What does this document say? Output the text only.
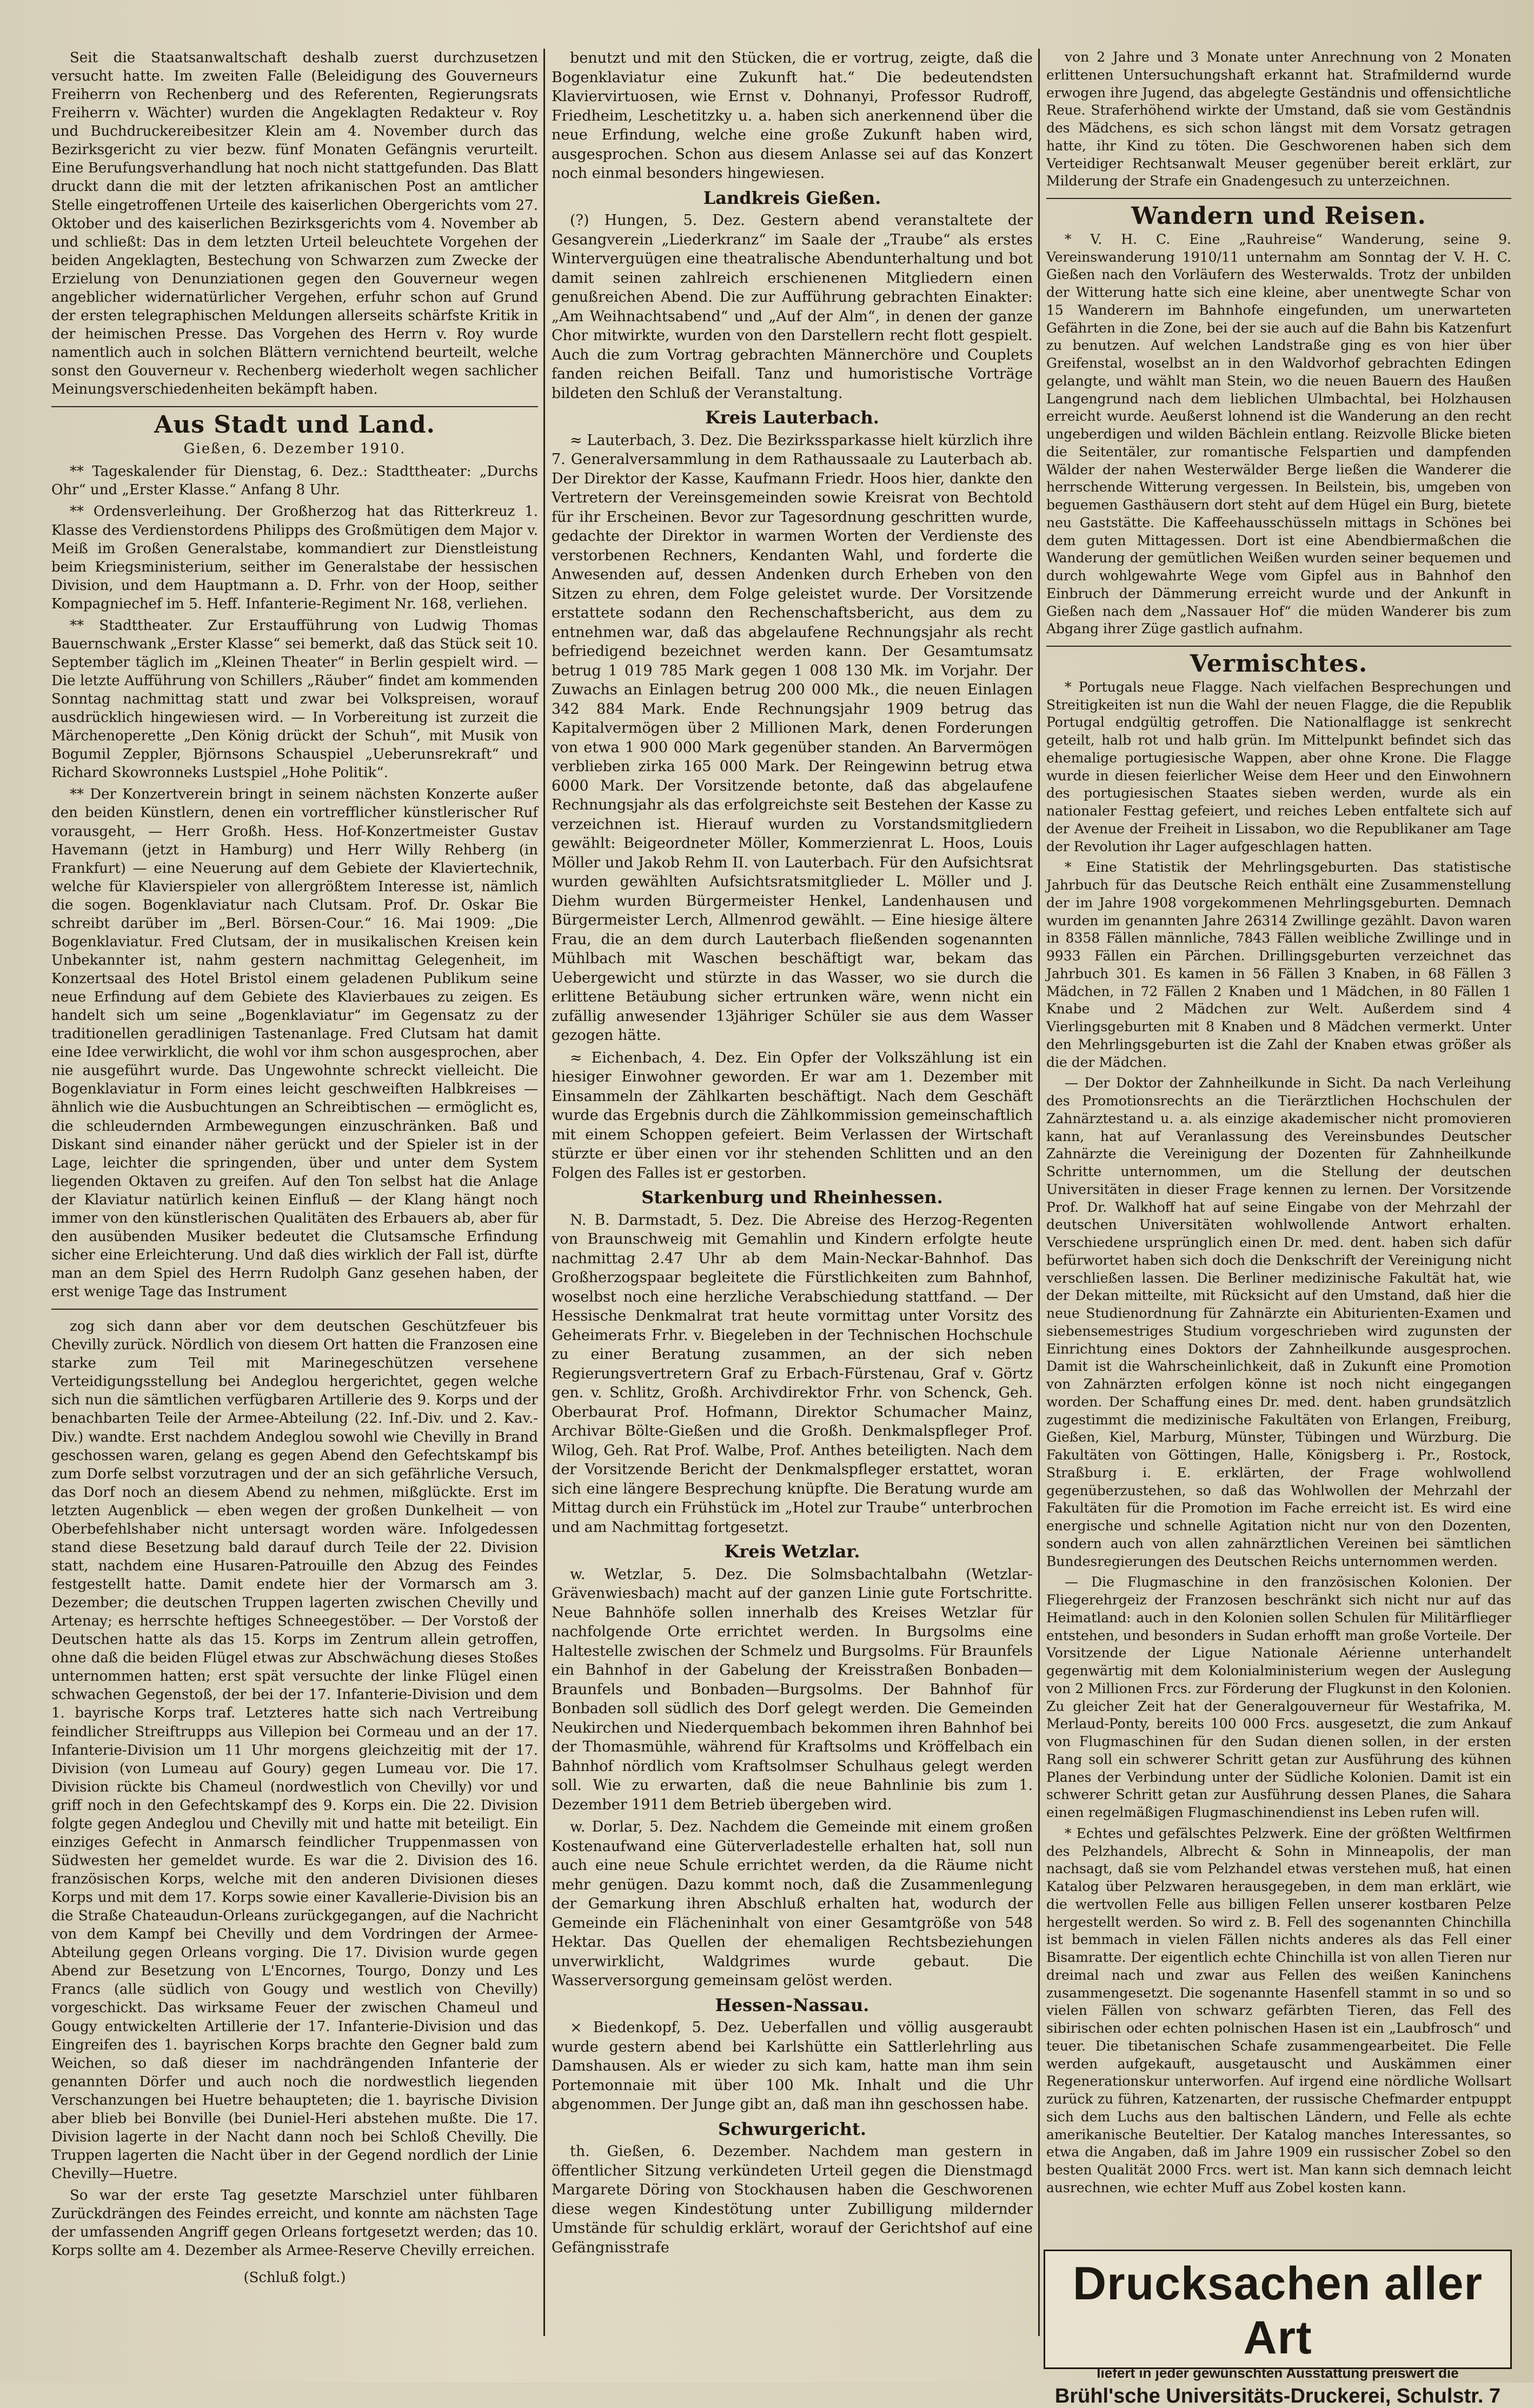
Seit die Staatsanwaltschaft deshalb zuerst durchzusetzen versucht hatte. Im zweiten Falle (Beleidigung des Gouverneurs Freiherrn von Rechenberg und des Referenten, Regierungsrats Freiherrn v. Wächter) wurden die Angeklagten Redakteur v. Roy und Buchdruckereibesitzer Klein am 4. November durch das Bezirksgericht zu vier bezw. fünf Monaten Gefängnis verurteilt. Eine Berufungsverhandlung hat noch nicht stattgefunden. Das Blatt druckt dann die mit der letzten afrikanischen Post an amtlicher Stelle eingetroffenen Urteile des kaiserlichen Obergerichts vom 27. Oktober und des kaiserlichen Bezirksgerichts vom 4. November ab und schließt: Das in dem letzten Urteil beleuchtete Vorgehen der beiden Angeklagten, Bestechung von Schwarzen zum Zwecke der Erzielung von Denunziationen gegen den Gouverneur wegen angeblicher widernatürlicher Vergehen, erfuhr schon auf Grund der ersten telegraphischen Meldungen allerseits schärfste Kritik in der heimischen Presse. Das Vorgehen des Herrn v. Roy wurde namentlich auch in solchen Blättern vernichtend beurteilt, welche sonst den Gouverneur v. Rechenberg wiederholt wegen sachlicher Meinungsverschiedenheiten bekämpft haben.

Aus Stadt und Land.
Gießen, 6. Dezember 1910.

** Tageskalender für Dienstag, 6. Dez.: Stadttheater: „Durchs Ohr“ und „Erster Klasse.“ Anfang 8 Uhr.

** Ordensverleihung. Der Großherzog hat das Ritterkreuz 1. Klasse des Verdienstordens Philipps des Großmütigen dem Major v. Meiß im Großen Generalstabe, kommandiert zur Dienstleistung beim Kriegsministerium, seither im Generalstabe der hessischen Division, und dem Hauptmann a. D. Frhr. von der Hoop, seither Kompagniechef im 5. Heff. Infanterie-Regiment Nr. 168, verliehen.

** Stadttheater. Zur Erstaufführung von Ludwig Thomas Bauernschwank „Erster Klasse“ sei bemerkt, daß das Stück seit 10. September täglich im „Kleinen Theater“ in Berlin gespielt wird. — Die letzte Aufführung von Schillers „Räuber“ findet am kommenden Sonntag nachmittag statt und zwar bei Volkspreisen, worauf ausdrücklich hingewiesen wird. — In Vorbereitung ist zurzeit die Märchenoperette „Den König drückt der Schuh“, mit Musik von Bogumil Zeppler, Björnsons Schauspiel „Ueberunsrekraft“ und Richard Skowronneks Lustspiel „Hohe Politik“.

** Der Konzertverein bringt in seinem nächsten Konzerte außer den beiden Künstlern, denen ein vortrefflicher künstlerischer Ruf vorausgeht, — Herr Großh. Hess. Hof-Konzertmeister Gustav Havemann (jetzt in Hamburg) und Herr Willy Rehberg (in Frankfurt) — eine Neuerung auf dem Gebiete der Klaviertechnik, welche für Klavierspieler von allergrößtem Interesse ist, nämlich die sogen. Bogenklaviatur nach Clutsam. Prof. Dr. Oskar Bie schreibt darüber im „Berl. Börsen-Cour.“ 16. Mai 1909: „Die Bogenklaviatur. Fred Clutsam, der in musikalischen Kreisen kein Unbekannter ist, nahm gestern nachmittag Gelegenheit, im Konzertsaal des Hotel Bristol einem geladenen Publikum seine neue Erfindung auf dem Gebiete des Klavierbaues zu zeigen. Es handelt sich um seine „Bogenklaviatur“ im Gegensatz zu der traditionellen geradlinigen Tastenanlage. Fred Clutsam hat damit eine Idee verwirklicht, die wohl vor ihm schon ausgesprochen, aber nie ausgeführt wurde. Das Ungewohnte schreckt vielleicht. Die Bogenklaviatur in Form eines leicht geschweiften Halbkreises — ähnlich wie die Ausbuchtungen an Schreibtischen — ermöglicht es, die schleudernden Armbewegungen einzuschränken. Baß und Diskant sind einander näher gerückt und der Spieler ist in der Lage, leichter die springenden, über und unter dem System liegenden Oktaven zu greifen. Auf den Ton selbst hat die Anlage der Klaviatur natürlich keinen Einfluß — der Klang hängt noch immer von den künstlerischen Qualitäten des Erbauers ab, aber für den ausübenden Musiker bedeutet die Clutsamsche Erfindung sicher eine Erleichterung. Und daß dies wirklich der Fall ist, dürfte man an dem Spiel des Herrn Rudolph Ganz gesehen haben, der erst wenige Tage das Instrument

zog sich dann aber vor dem deutschen Geschützfeuer bis Chevilly zurück. Nördlich von diesem Ort hatten die Franzosen eine starke zum Teil mit Marinegeschützen versehene Verteidigungsstellung bei Andeglou hergerichtet, gegen welche sich nun die sämtlichen verfügbaren Artillerie des 9. Korps und der benachbarten Teile der Armee-Abteilung (22. Inf.-Div. und 2. Kav.-Div.) wandte. Erst nachdem Andeglou sowohl wie Chevilly in Brand geschossen waren, gelang es gegen Abend den Gefechtskampf bis zum Dorfe selbst vorzutragen und der an sich gefährliche Versuch, das Dorf noch an diesem Abend zu nehmen, mißglückte. Erst im letzten Augenblick — eben wegen der großen Dunkelheit — von Oberbefehlshaber nicht untersagt worden wäre. Infolgedessen stand diese Besetzung bald darauf durch Teile der 22. Division statt, nachdem eine Husaren-Patrouille den Abzug des Feindes festgestellt hatte. Damit endete hier der Vormarsch am 3. Dezember; die deutschen Truppen lagerten zwischen Chevilly und Artenay; es herrschte heftiges Schneegestöber. — Der Vorstoß der Deutschen hatte als das 15. Korps im Zentrum allein getroffen, ohne daß die beiden Flügel etwas zur Abschwächung dieses Stoßes unternommen hatten; erst spät versuchte der linke Flügel einen schwachen Gegenstoß, der bei der 17. Infanterie-Division und dem 1. bayrische Korps traf. Letzteres hatte sich nach Vertreibung feindlicher Streiftrupps aus Villepion bei Cormeau und an der 17. Infanterie-Division um 11 Uhr morgens gleichzeitig mit der 17. Division (von Lumeau auf Goury) gegen Lumeau vor. Die 17. Division rückte bis Chameul (nordwestlich von Chevilly) vor und griff noch in den Gefechtskampf des 9. Korps ein. Die 22. Division folgte gegen Andeglou und Chevilly mit und hatte mit beteiligt. Ein einziges Gefecht in Anmarsch feindlicher Truppenmassen von Südwesten her gemeldet wurde. Es war die 2. Division des 16. französischen Korps, welche mit den anderen Divisionen dieses Korps und mit dem 17. Korps sowie einer Kavallerie-Division bis an die Straße Chateaudun-Orleans zurückgegangen, auf die Nachricht von dem Kampf bei Chevilly und dem Vordringen der Armee-Abteilung gegen Orleans vorging. Die 17. Division wurde gegen Abend zur Besetzung von L'Encornes, Tourgo, Donzy und Les Francs (alle südlich von Gougy und westlich von Chevilly) vorgeschickt. Das wirksame Feuer der zwischen Chameul und Gougy entwickelten Artillerie der 17. Infanterie-Division und das Eingreifen des 1. bayrischen Korps brachte den Gegner bald zum Weichen, so daß dieser im nachdrängenden Infanterie der genannten Dörfer und auch noch die nordwestlich liegenden Verschanzungen bei Huetre behaupteten; die 1. bayrische Division aber blieb bei Bonville (bei Duniel-Heri abstehen mußte. Die 17. Division lagerte in der Nacht dann noch bei Schloß Chevilly. Die Truppen lagerten die Nacht über in der Gegend nordlich der Linie Chevilly—Huetre.

So war der erste Tag gesetzte Marschziel unter fühlbaren Zurückdrängen des Feindes erreicht, und konnte am nächsten Tage der umfassenden Angriff gegen Orleans fortgesetzt werden; das 10. Korps sollte am 4. Dezember als Armee-Reserve Chevilly erreichen.

(Schluß folgt.)

benutzt und mit den Stücken, die er vortrug, zeigte, daß die Bogenklaviatur eine Zukunft hat.“ Die bedeutendsten Klaviervirtuosen, wie Ernst v. Dohnanyi, Professor Rudroff, Friedheim, Leschetitzky u. a. haben sich anerkennend über die neue Erfindung, welche eine große Zukunft haben wird, ausgesprochen. Schon aus diesem Anlasse sei auf das Konzert noch einmal besonders hingewiesen.

Landkreis Gießen.

(?) Hungen, 5. Dez. Gestern abend veranstaltete der Gesangverein „Liederkranz“ im Saale der „Traube“ als erstes Winterverguügen eine theatralische Abendunterhaltung und bot damit seinen zahlreich erschienenen Mitgliedern einen genußreichen Abend. Die zur Aufführung gebrachten Einakter: „Am Weihnachtsabend“ und „Auf der Alm“, in denen der ganze Chor mitwirkte, wurden von den Darstellern recht flott gespielt. Auch die zum Vortrag gebrachten Männerchöre und Couplets fanden reichen Beifall. Tanz und humoristische Vorträge bildeten den Schluß der Veranstaltung.

Kreis Lauterbach.

≈ Lauterbach, 3. Dez. Die Bezirkssparkasse hielt kürzlich ihre 7. Generalversammlung in dem Rathaussaale zu Lauterbach ab. Der Direktor der Kasse, Kaufmann Friedr. Hoos hier, dankte den Vertretern der Vereinsgemeinden sowie Kreisrat von Bechtold für ihr Erscheinen. Bevor zur Tagesordnung geschritten wurde, gedachte der Direktor in warmen Worten der Verdienste des verstorbenen Rechners, Kendanten Wahl, und forderte die Anwesenden auf, dessen Andenken durch Erheben von den Sitzen zu ehren, dem Folge geleistet wurde. Der Vorsitzende erstattete sodann den Rechenschaftsbericht, aus dem zu entnehmen war, daß das abgelaufene Rechnungsjahr als recht befriedigend bezeichnet werden kann. Der Gesamtumsatz betrug 1 019 785 Mark gegen 1 008 130 Mk. im Vorjahr. Der Zuwachs an Einlagen betrug 200 000 Mk., die neuen Einlagen 342 884 Mark. Ende Rechnungsjahr 1909 betrug das Kapitalvermögen über 2 Millionen Mark, denen Forderungen von etwa 1 900 000 Mark gegenüber standen. An Barvermögen verblieben zirka 165 000 Mark. Der Reingewinn betrug etwa 6000 Mark. Der Vorsitzende betonte, daß das abgelaufene Rechnungsjahr als das erfolgreichste seit Bestehen der Kasse zu verzeichnen ist. Hierauf wurden zu Vorstandsmitgliedern gewählt: Beigeordneter Möller, Kommerzienrat L. Hoos, Louis Möller und Jakob Rehm II. von Lauterbach. Für den Aufsichtsrat wurden gewählten Aufsichtsratsmitglieder L. Möller und J. Diehm wurden Bürgermeister Henkel, Landenhausen und Bürgermeister Lerch, Allmenrod gewählt. — Eine hiesige ältere Frau, die an dem durch Lauterbach fließenden sogenannten Mühlbach mit Waschen beschäftigt war, bekam das Uebergewicht und stürzte in das Wasser, wo sie durch die erlittene Betäubung sicher ertrunken wäre, wenn nicht ein zufällig anwesender 13jähriger Schüler sie aus dem Wasser gezogen hätte.

≈ Eichenbach, 4. Dez. Ein Opfer der Volkszählung ist ein hiesiger Einwohner geworden. Er war am 1. Dezember mit Einsammeln der Zählkarten beschäftigt. Nach dem Geschäft wurde das Ergebnis durch die Zählkommission gemeinschaftlich mit einem Schoppen gefeiert. Beim Verlassen der Wirtschaft stürzte er über einen vor ihr stehenden Schlitten und an den Folgen des Falles ist er gestorben.

Starkenburg und Rheinhessen.

N. B. Darmstadt, 5. Dez. Die Abreise des Herzog-Regenten von Braunschweig mit Gemahlin und Kindern erfolgte heute nachmittag 2.47 Uhr ab dem Main-Neckar-Bahnhof. Das Großherzogspaar begleitete die Fürstlichkeiten zum Bahnhof, woselbst noch eine herzliche Verabschiedung stattfand. — Der Hessische Denkmalrat trat heute vormittag unter Vorsitz des Geheimerats Frhr. v. Biegeleben in der Technischen Hochschule zu einer Beratung zusammen, an der sich neben Regierungsvertretern Graf zu Erbach-Fürstenau, Graf v. Görtz gen. v. Schlitz, Großh. Archivdirektor Frhr. von Schenck, Geh. Oberbaurat Prof. Hofmann, Direktor Schumacher Mainz, Archivar Bölte-Gießen und die Großh. Denkmalspfleger Prof. Wilog, Geh. Rat Prof. Walbe, Prof. Anthes beteiligten. Nach dem der Vorsitzende Bericht der Denkmalspfleger erstattet, woran sich eine längere Besprechung knüpfte. Die Beratung wurde am Mittag durch ein Frühstück im „Hotel zur Traube“ unterbrochen und am Nachmittag fortgesetzt.

Kreis Wetzlar.

w. Wetzlar, 5. Dez. Die Solmsbachtalbahn (Wetzlar-Grävenwiesbach) macht auf der ganzen Linie gute Fortschritte. Neue Bahnhöfe sollen innerhalb des Kreises Wetzlar für nachfolgende Orte errichtet werden. In Burgsolms eine Haltestelle zwischen der Schmelz und Burgsolms. Für Braunfels ein Bahnhof in der Gabelung der Kreisstraßen Bonbaden—Braunfels und Bonbaden—Burgsolms. Der Bahnhof für Bonbaden soll südlich des Dorf gelegt werden. Die Gemeinden Neukirchen und Niederquembach bekommen ihren Bahnhof bei der Thomasmühle, während für Kraftsolms und Kröffelbach ein Bahnhof nördlich vom Kraftsolmser Schulhaus gelegt werden soll. Wie zu erwarten, daß die neue Bahnlinie bis zum 1. Dezember 1911 dem Betrieb übergeben wird.

w. Dorlar, 5. Dez. Nachdem die Gemeinde mit einem großen Kostenaufwand eine Güterverladestelle erhalten hat, soll nun auch eine neue Schule errichtet werden, da die Räume nicht mehr genügen. Dazu kommt noch, daß die Zusammenlegung der Gemarkung ihren Abschluß erhalten hat, wodurch der Gemeinde ein Flächeninhalt von einer Gesamtgröße von 548 Hektar. Das Quellen der ehemaligen Rechtsbeziehungen unverwirklicht, Waldgrimes wurde gebaut. Die Wasserversorgung gemeinsam gelöst werden.

Hessen-Nassau.

× Biedenkopf, 5. Dez. Ueberfallen und völlig ausgeraubt wurde gestern abend bei Karlshütte ein Sattlerlehrling aus Damshausen. Als er wieder zu sich kam, hatte man ihm sein Portemonnaie mit über 100 Mk. Inhalt und die Uhr abgenommen. Der Junge gibt an, daß man ihn geschossen habe.

Schwurgericht.

th. Gießen, 6. Dezember. Nachdem man gestern in öffentlicher Sitzung verkündeten Urteil gegen die Dienstmagd Margarete Döring von Stockhausen haben die Geschworenen diese wegen Kindestötung unter Zubilligung mildernder Umstände für schuldig erklärt, worauf der Gerichtshof auf eine Gefängnisstrafe

von 2 Jahre und 3 Monate unter Anrechnung von 2 Monaten erlittenen Untersuchungshaft erkannt hat. Strafmildernd wurde erwogen ihre Jugend, das abgelegte Geständnis und offensichtliche Reue. Straferhöhend wirkte der Umstand, daß sie vom Geständnis des Mädchens, es sich schon längst mit dem Vorsatz getragen hatte, ihr Kind zu töten. Die Geschworenen haben sich dem Verteidiger Rechtsanwalt Meuser gegenüber bereit erklärt, zur Milderung der Strafe ein Gnadengesuch zu unterzeichnen.

Wandern und Reisen.

* V. H. C. Eine „Rauhreise“ Wanderung, seine 9. Vereinswanderung 1910/11 unternahm am Sonntag der V. H. C. Gießen nach den Vorläufern des Westerwalds. Trotz der unbilden der Witterung hatte sich eine kleine, aber unentwegte Schar von 15 Wanderern im Bahnhofe eingefunden, um unerwarteten Gefährten in die Zone, bei der sie auch auf die Bahn bis Katzenfurt zu benutzen. Auf welchen Landstraße ging es von hier über Greifenstal, woselbst an in den Waldvorhof gebrachten Edingen gelangte, und wählt man Stein, wo die neuen Bauern des Haußen Langengrund nach dem lieblichen Ulmbachtal, bei Holzhausen erreicht wurde. Aeußerst lohnend ist die Wanderung an den recht ungeberdigen und wilden Bächlein entlang. Reizvolle Blicke bieten die Seitentäler, zur romantische Felspartien und dampfenden Wälder der nahen Westerwälder Berge ließen die Wanderer die herrschende Witterung vergessen. In Beilstein, bis, umgeben von beguemen Gasthäusern dort steht auf dem Hügel ein Burg, bietete neu Gaststätte. Die Kaffeehausschüsseln mittags in Schönes bei dem guten Mittagessen. Dort ist eine Abendbiermaßchen die Wanderung der gemütlichen Weißen wurden seiner bequemen und durch wohlgewahrte Wege vom Gipfel aus in Bahnhof den Einbruch der Dämmerung erreicht wurde und der Ankunft in Gießen nach dem „Nassauer Hof“ die müden Wanderer bis zum Abgang ihrer Züge gastlich aufnahm.

Vermischtes.

* Portugals neue Flagge. Nach vielfachen Besprechungen und Streitigkeiten ist nun die Wahl der neuen Flagge, die die Republik Portugal endgültig getroffen. Die Nationalflagge ist senkrecht geteilt, halb rot und halb grün. Im Mittelpunkt befindet sich das ehemalige portugiesische Wappen, aber ohne Krone. Die Flagge wurde in diesen feierlicher Weise dem Heer und den Einwohnern des portugiesischen Staates sieben werden, wurde als ein nationaler Festtag gefeiert, und reiches Leben entfaltete sich auf der Avenue der Freiheit in Lissabon, wo die Republikaner am Tage der Revolution ihr Lager aufgeschlagen hatten.

* Eine Statistik der Mehrlingsgeburten. Das statistische Jahrbuch für das Deutsche Reich enthält eine Zusammenstellung der im Jahre 1908 vorgekommenen Mehrlingsgeburten. Demnach wurden im genannten Jahre 26314 Zwillinge gezählt. Davon waren in 8358 Fällen männliche, 7843 Fällen weibliche Zwillinge und in 9933 Fällen ein Pärchen. Drillingsgeburten verzeichnet das Jahrbuch 301. Es kamen in 56 Fällen 3 Knaben, in 68 Fällen 3 Mädchen, in 72 Fällen 2 Knaben und 1 Mädchen, in 80 Fällen 1 Knabe und 2 Mädchen zur Welt. Außerdem sind 4 Vierlingsgeburten mit 8 Knaben und 8 Mädchen vermerkt. Unter den Mehrlingsgeburten ist die Zahl der Knaben etwas größer als die der Mädchen.

— Der Doktor der Zahnheilkunde in Sicht. Da nach Verleihung des Promotionsrechts an die Tierärztlichen Hochschulen der Zahnärztestand u. a. als einzige akademischer nicht promovieren kann, hat auf Veranlassung des Vereinsbundes Deutscher Zahnärzte die Vereinigung der Dozenten für Zahnheilkunde Schritte unternommen, um die Stellung der deutschen Universitäten in dieser Frage kennen zu lernen. Der Vorsitzende Prof. Dr. Walkhoff hat auf seine Eingabe von der Mehrzahl der deutschen Universitäten wohlwollende Antwort erhalten. Verschiedene ursprünglich einen Dr. med. dent. haben sich dafür befürwortet haben sich doch die Denkschrift der Vereinigung nicht verschließen lassen. Die Berliner medizinische Fakultät hat, wie der Dekan mitteilte, mit Rücksicht auf den Umstand, daß hier die neue Studienordnung für Zahnärzte ein Abiturienten-Examen und siebensemestriges Studium vorgeschrieben wird zugunsten der Einrichtung eines Doktors der Zahnheilkunde ausgesprochen. Damit ist die Wahrscheinlichkeit, daß in Zukunft eine Promotion von Zahnärzten erfolgen könne ist noch nicht eingegangen worden. Der Schaffung eines Dr. med. dent. haben grundsätzlich zugestimmt die medizinische Fakultäten von Erlangen, Freiburg, Gießen, Kiel, Marburg, Münster, Tübingen und Würzburg. Die Fakultäten von Göttingen, Halle, Königsberg i. Pr., Rostock, Straßburg i. E. erklärten, der Frage wohlwollend gegenüberzustehen, so daß das Wohlwollen der Mehrzahl der Fakultäten für die Promotion im Fache erreicht ist. Es wird eine energische und schnelle Agitation nicht nur von den Dozenten, sondern auch von allen zahnärztlichen Vereinen bei sämtlichen Bundesregierungen des Deutschen Reichs unternommen werden.

— Die Flugmaschine in den französischen Kolonien. Der Fliegerehrgeiz der Franzosen beschränkt sich nicht nur auf das Heimatland: auch in den Kolonien sollen Schulen für Militärflieger entstehen, und besonders in Sudan erhofft man große Vorteile. Der Vorsitzende der Ligue Nationale Aérienne unterhandelt gegenwärtig mit dem Kolonialministerium wegen der Auslegung von 2 Millionen Frcs. zur Förderung der Flugkunst in den Kolonien. Zu gleicher Zeit hat der Generalgouverneur für Westafrika, M. Merlaud-Ponty, bereits 100 000 Frcs. ausgesetzt, die zum Ankauf von Flugmaschinen für den Sudan dienen sollen, in der ersten Rang soll ein schwerer Schritt getan zur Ausführung des kühnen Planes der Verbindung unter der Südliche Kolonien. Damit ist ein schwerer Schritt getan zur Ausführung dessen Planes, die Sahara einen regelmäßigen Flugmaschinendienst ins Leben rufen will.

* Echtes und gefälschtes Pelzwerk. Eine der größten Weltfirmen des Pelzhandels, Albrecht & Sohn in Minneapolis, der man nachsagt, daß sie vom Pelzhandel etwas verstehen muß, hat einen Katalog über Pelzwaren herausgegeben, in dem man erklärt, wie die wertvollen Felle aus billigen Fellen unserer kostbaren Pelze hergestellt werden. So wird z. B. Fell des sogenannten Chinchilla ist bemmach in vielen Fällen nichts anderes als das Fell einer Bisamratte. Der eigentlich echte Chinchilla ist von allen Tieren nur dreimal nach und zwar aus Fellen des weißen Kaninchens zusammengesetzt. Die sogenannte Hasenfell stammt in so und so vielen Fällen von schwarz gefärbten Tieren, das Fell des sibirischen oder echten polnischen Hasen ist ein „Laubfrosch“ und teuer. Die tibetanischen Schafe zusammengearbeitet. Die Felle werden aufgekauft, ausgetauscht und Auskämmen einer Regenerationskur unterworfen. Auf irgend eine nördliche Wollsart zurück zu führen, Katzenarten, der russische Chefmarder entpuppt sich dem Luchs aus den baltischen Ländern, und Felle als echte amerikanische Beuteltier. Der Katalog manches Interessantes, so etwa die Angaben, daß im Jahre 1909 ein russischer Zobel so den besten Qualität 2000 Frcs. wert ist. Man kann sich demnach leicht ausrechnen, wie echter Muff aus Zobel kosten kann.

Drucksachen aller Art
liefert in jeder gewünschten Ausstattung preiswert die
Brühl'sche Universitäts-Druckerei, Schulstr. 7
